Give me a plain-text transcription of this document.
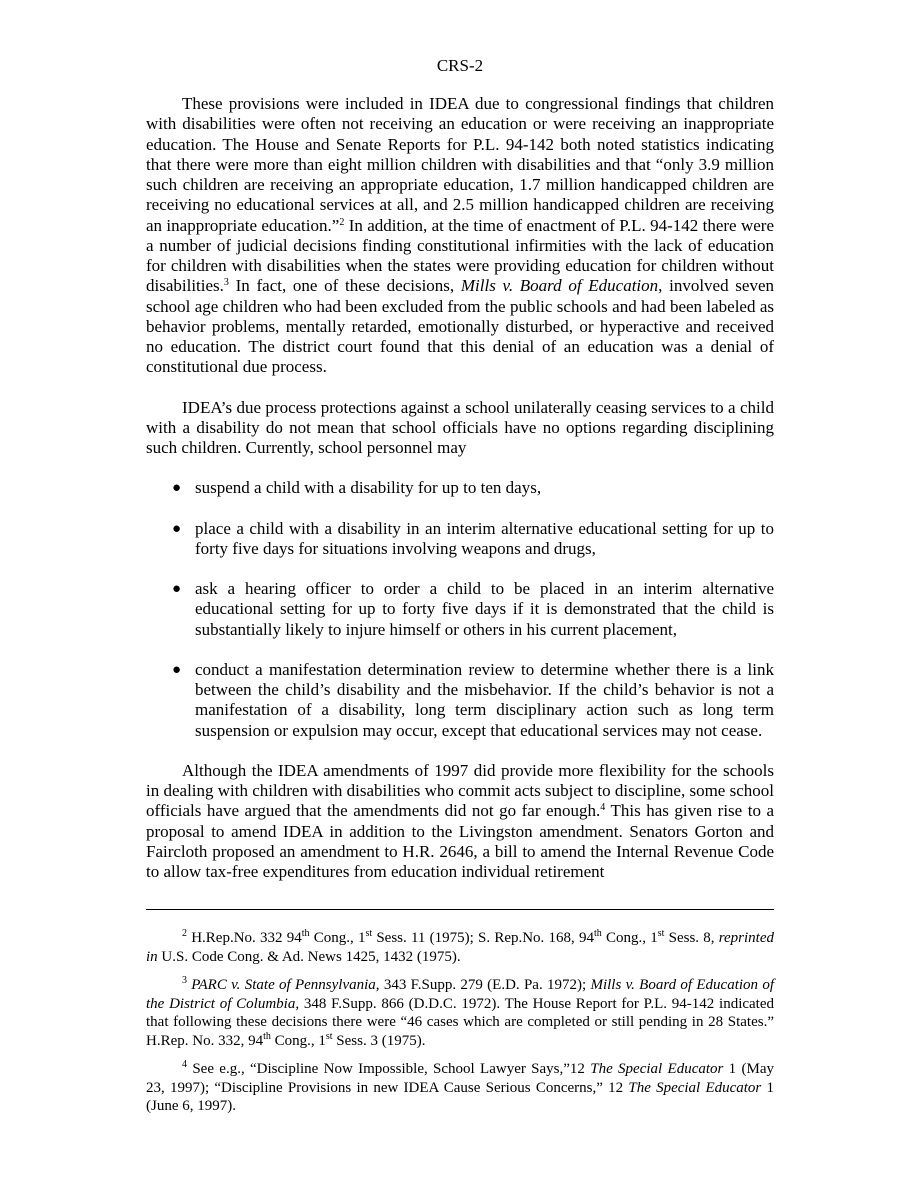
CRS-2

These provisions were included in IDEA due to congressional findings that children with disabilities were often not receiving an education or were receiving an inappropriate education. The House and Senate Reports for P.L. 94-142 both noted statistics indicating that there were more than eight million children with disabilities and that “only 3.9 million such children are receiving an appropriate education, 1.7 million handicapped children are receiving no educational services at all, and 2.5 million handicapped children are receiving an inappropriate education.”$^2$ In addition, at the time of enactment of P.L. 94-142 there were a number of judicial decisions finding constitutional infirmities with the lack of education for children with disabilities when the states were providing education for children without disabilities.$^3$ In fact, one of these decisions, Mills v. Board of Education, involved seven school age children who had been excluded from the public schools and had been labeled as behavior problems, mentally retarded, emotionally disturbed, or hyperactive and received no education. The district court found that this denial of an education was a denial of constitutional due process.

IDEA’s due process protections against a school unilaterally ceasing services to a child with a disability do not mean that school officials have no options regarding disciplining such children. Currently, school personnel may

● suspend a child with a disability for up to ten days,
● place a child with a disability in an interim alternative educational setting for up to forty five days for situations involving weapons and drugs,
● ask a hearing officer to order a child to be placed in an interim alternative educational setting for up to forty five days if it is demonstrated that the child is substantially likely to injure himself or others in his current placement,
● conduct a manifestation determination review to determine whether there is a link between the child’s disability and the misbehavior. If the child’s behavior is not a manifestation of a disability, long term disciplinary action such as long term suspension or expulsion may occur, except that educational services may not cease.

Although the IDEA amendments of 1997 did provide more flexibility for the schools in dealing with children with disabilities who commit acts subject to discipline, some school officials have argued that the amendments did not go far enough.$^4$ This has given rise to a proposal to amend IDEA in addition to the Livingston amendment. Senators Gorton and Faircloth proposed an amendment to H.R. 2646, a bill to amend the Internal Revenue Code to allow tax-free expenditures from education individual retirement

$^2$ H.Rep.No. 332 94th Cong., 1st Sess. 11 (1975); S. Rep.No. 168, 94th Cong., 1st Sess. 8, reprinted in U.S. Code Cong. & Ad. News 1425, 1432 (1975).

$^3$ PARC v. State of Pennsylvania, 343 F.Supp. 279 (E.D. Pa. 1972); Mills v. Board of Education of the District of Columbia, 348 F.Supp. 866 (D.D.C. 1972). The House Report for P.L. 94-142 indicated that following these decisions there were “46 cases which are completed or still pending in 28 States.” H.Rep. No. 332, 94th Cong., 1st Sess. 3 (1975).

$^4$ See e.g., “Discipline Now Impossible, School Lawyer Says,”12 The Special Educator 1 (May 23, 1997); “Discipline Provisions in new IDEA Cause Serious Concerns,” 12 The Special Educator 1 (June 6, 1997).
